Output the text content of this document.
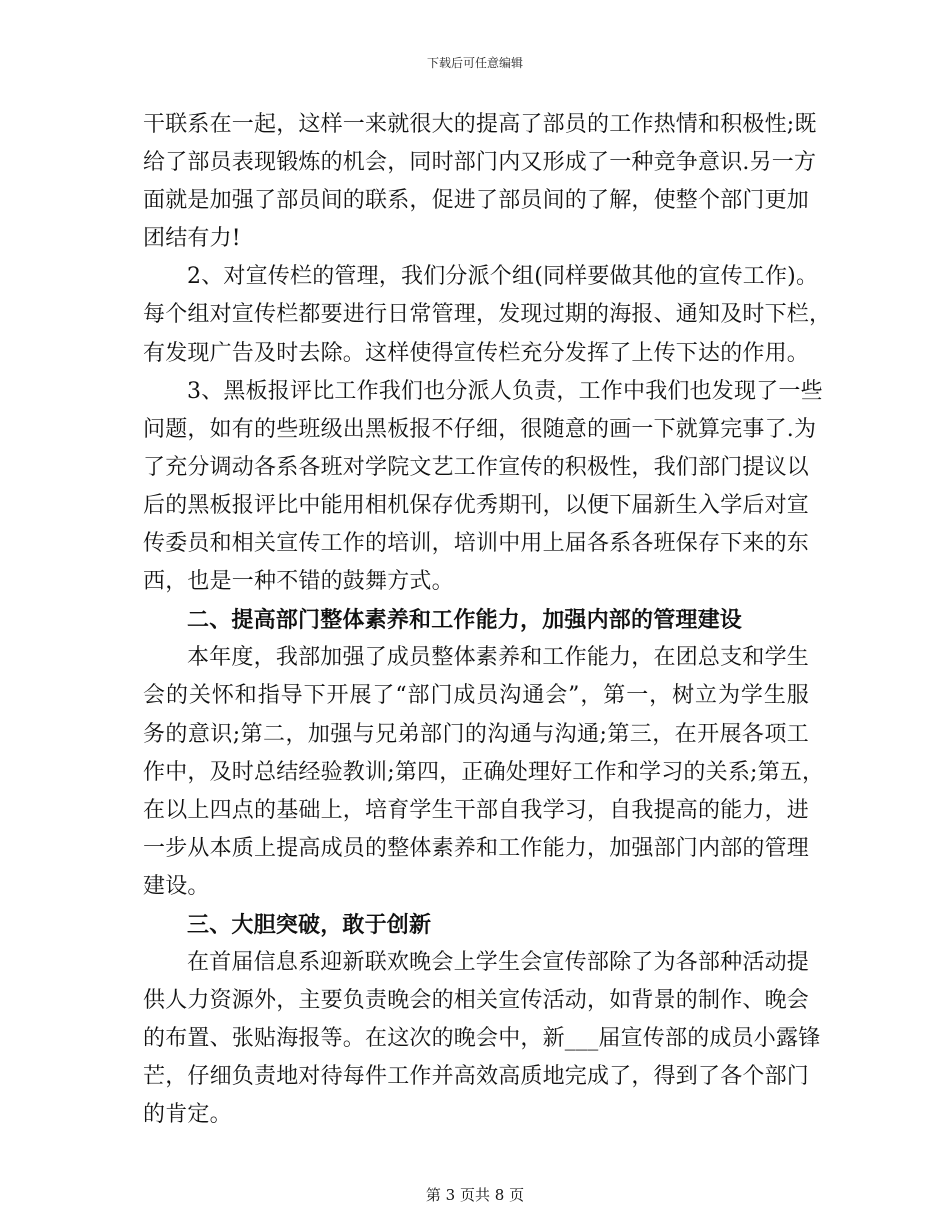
下载后可任意编辑
干联系在一起，这样一来就很大的提高了部员的工作热情和积极性;既
给了部员表现锻炼的机会，同时部门内又形成了一种竞争意识.另一方
面就是加强了部员间的联系，促进了部员间的了解，使整个部门更加
团结有力!
2、对宣传栏的管理，我们分派个组(同样要做其他的宣传工作)。
每个组对宣传栏都要进行日常管理，发现过期的海报、通知及时下栏，
有发现广告及时去除。这样使得宣传栏充分发挥了上传下达的作用。
3、黑板报评比工作我们也分派人负责，工作中我们也发现了一些
问题，如有的些班级出黑板报不仔细，很随意的画一下就算完事了.为
了充分调动各系各班对学院文艺工作宣传的积极性，我们部门提议以
后的黑板报评比中能用相机保存优秀期刊，以便下届新生入学后对宣
传委员和相关宣传工作的培训，培训中用上届各系各班保存下来的东
西，也是一种不错的鼓舞方式。
二、提高部门整体素养和工作能力，加强内部的管理建设
本年度，我部加强了成员整体素养和工作能力，在团总支和学生
会的关怀和指导下开展了“部门成员沟通会”，第一，树立为学生服
务的意识;第二，加强与兄弟部门的沟通与沟通;第三，在开展各项工
作中，及时总结经验教训;第四，正确处理好工作和学习的关系;第五，
在以上四点的基础上，培育学生干部自我学习，自我提高的能力，进
一步从本质上提高成员的整体素养和工作能力，加强部门内部的管理
建设。
三、大胆突破，敢于创新
在首届信息系迎新联欢晚会上学生会宣传部除了为各部种活动提
供人力资源外，主要负责晚会的相关宣传活动，如背景的制作、晚会
的布置、张贴海报等。在这次的晚会中，新___届宣传部的成员小露锋
芒，仔细负责地对待每件工作并高效高质地完成了，得到了各个部门
的肯定。
第 3 页共 8 页
